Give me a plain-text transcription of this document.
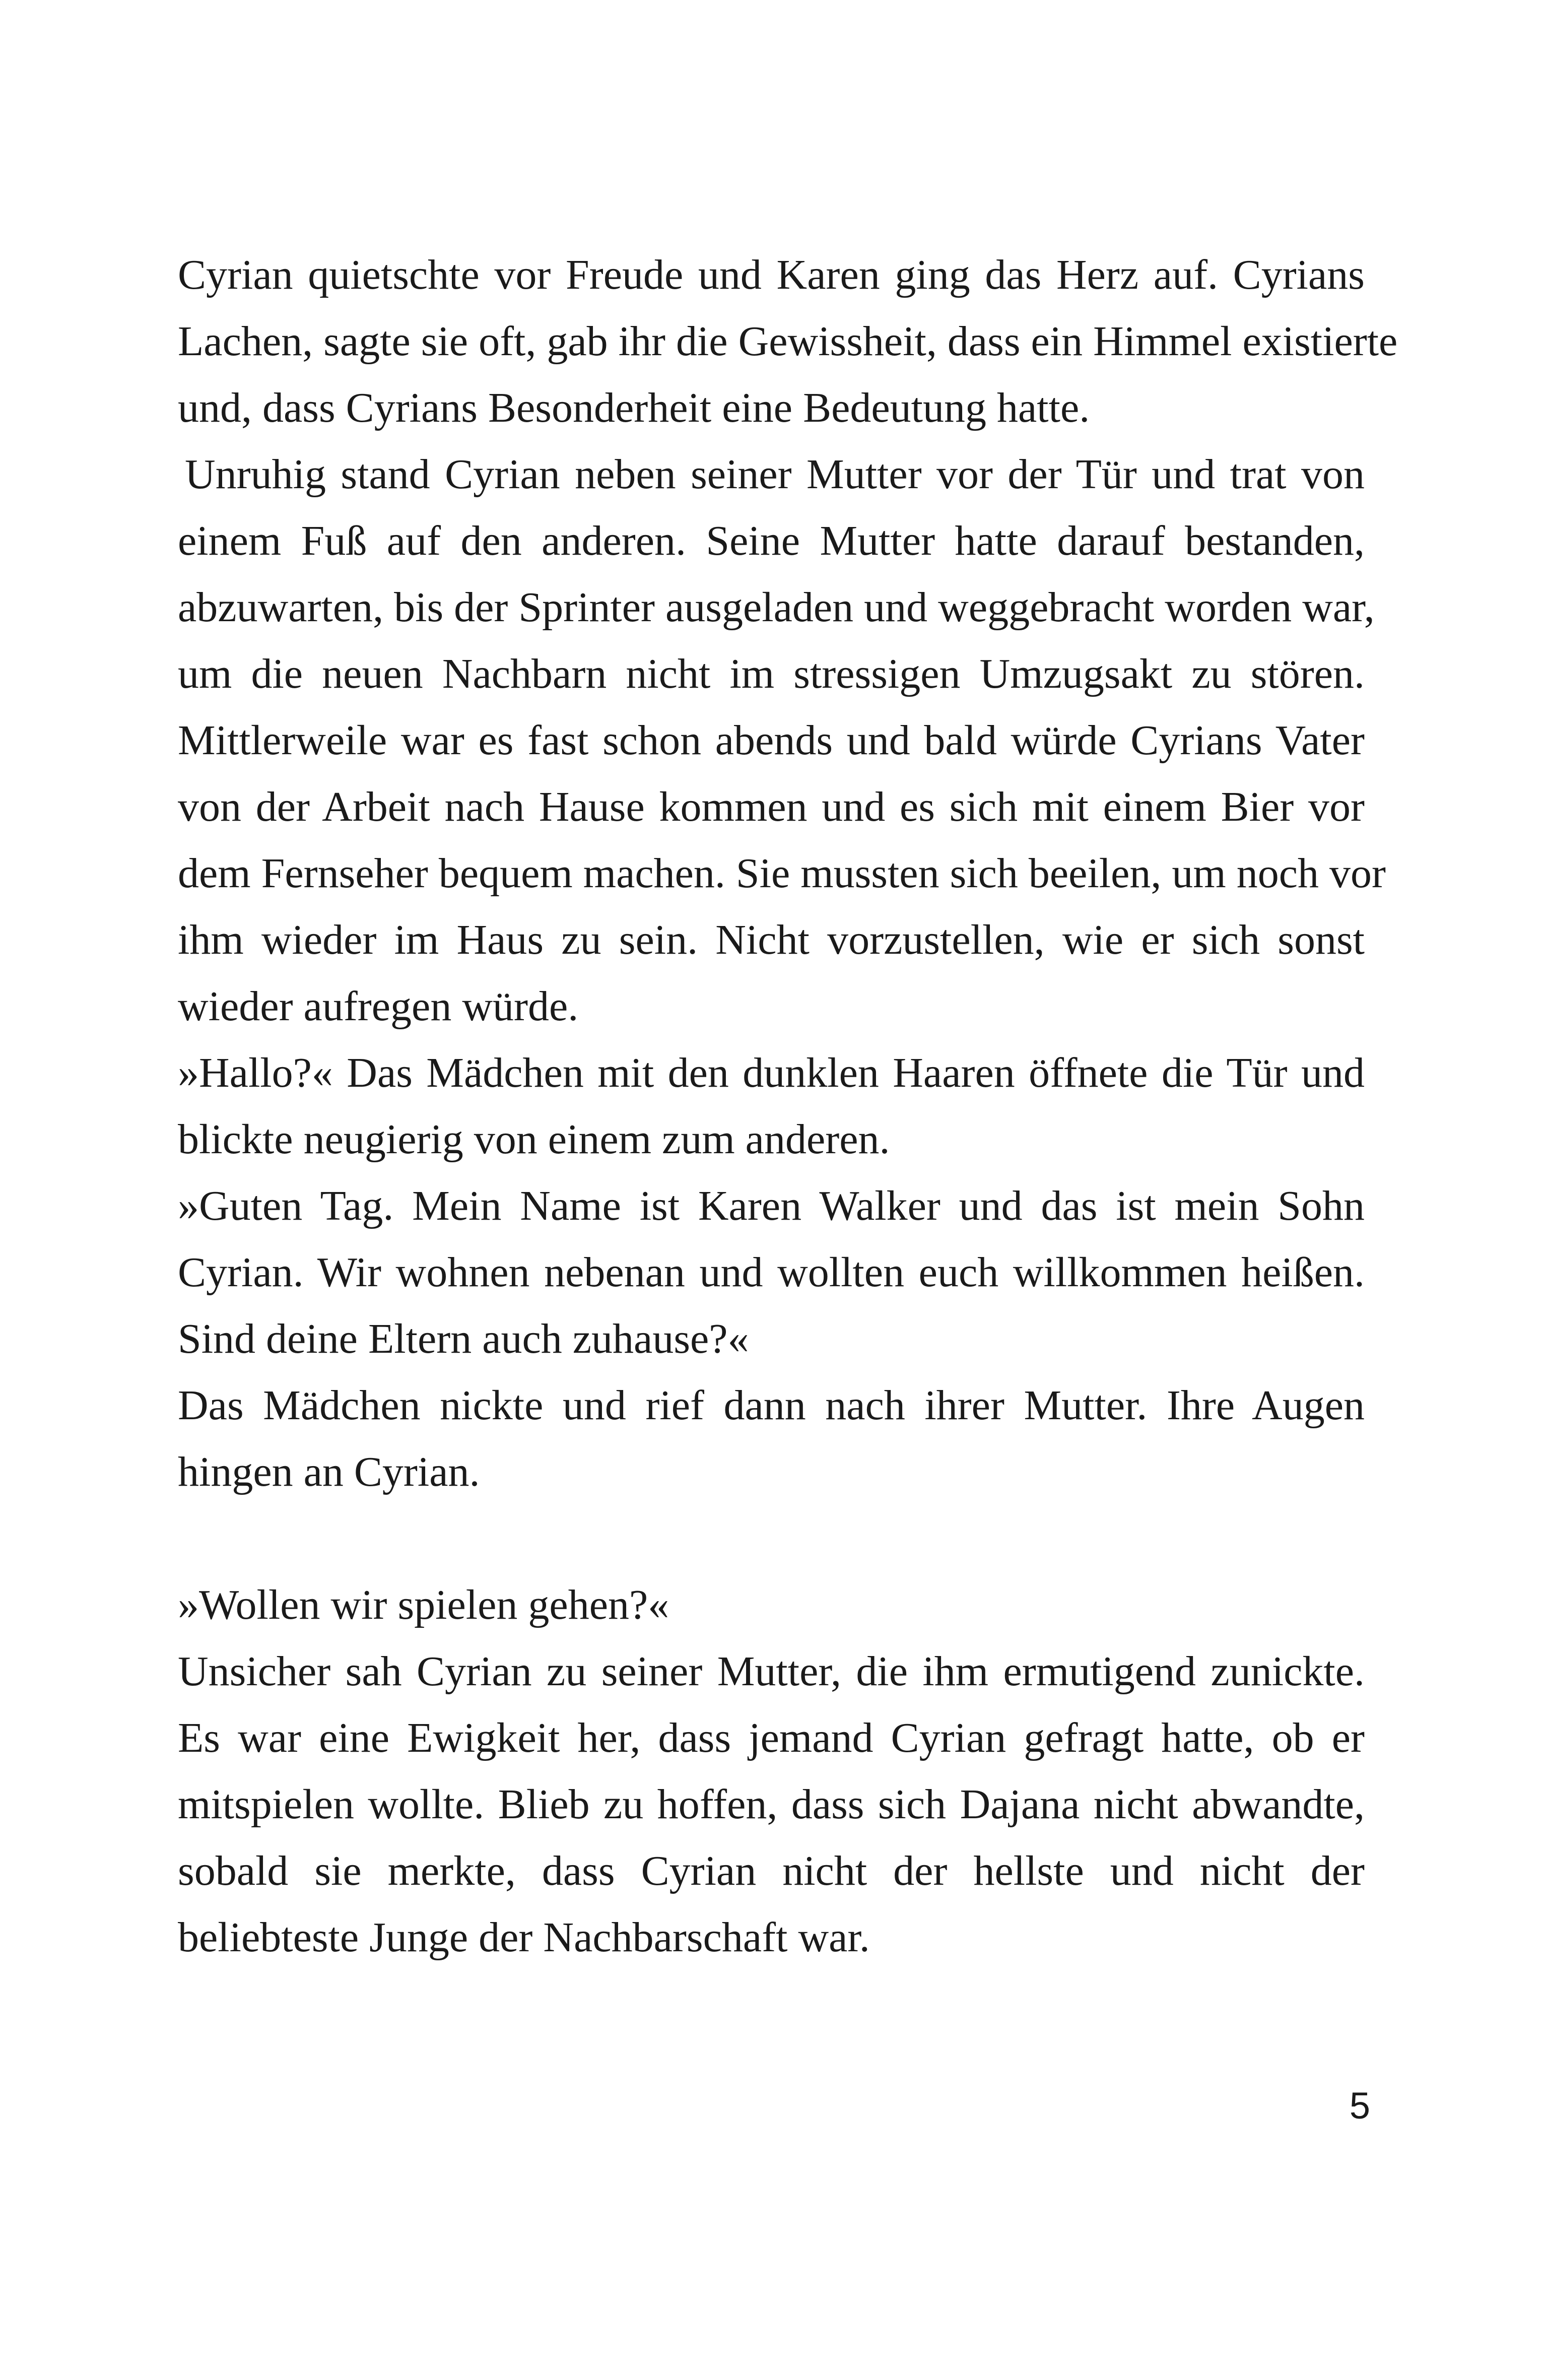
Cyrian quietschte vor Freude und Karen ging das Herz auf. Cyrians
Lachen, sagte sie oft, gab ihr die Gewissheit, dass ein Himmel existierte
und, dass Cyrians Besonderheit eine Bedeutung hatte.
Unruhig stand Cyrian neben seiner Mutter vor der Tür und trat von
einem Fuß auf den anderen. Seine Mutter hatte darauf bestanden,
abzuwarten, bis der Sprinter ausgeladen und weggebracht worden war,
um die neuen Nachbarn nicht im stressigen Umzugsakt zu stören.
Mittlerweile war es fast schon abends und bald würde Cyrians Vater
von der Arbeit nach Hause kommen und es sich mit einem Bier vor
dem Fernseher bequem machen. Sie mussten sich beeilen, um noch vor
ihm wieder im Haus zu sein. Nicht vorzustellen, wie er sich sonst
wieder aufregen würde.
»Hallo?« Das Mädchen mit den dunklen Haaren öffnete die Tür und
blickte neugierig von einem zum anderen.
»Guten Tag. Mein Name ist Karen Walker und das ist mein Sohn
Cyrian. Wir wohnen nebenan und wollten euch willkommen heißen.
Sind deine Eltern auch zuhause?«
Das Mädchen nickte und rief dann nach ihrer Mutter. Ihre Augen
hingen an Cyrian.
»Wollen wir spielen gehen?«
Unsicher sah Cyrian zu seiner Mutter, die ihm ermutigend zunickte.
Es war eine Ewigkeit her, dass jemand Cyrian gefragt hatte, ob er
mitspielen wollte. Blieb zu hoffen, dass sich Dajana nicht abwandte,
sobald sie merkte, dass Cyrian nicht der hellste und nicht der
beliebteste Junge der Nachbarschaft war.
5
